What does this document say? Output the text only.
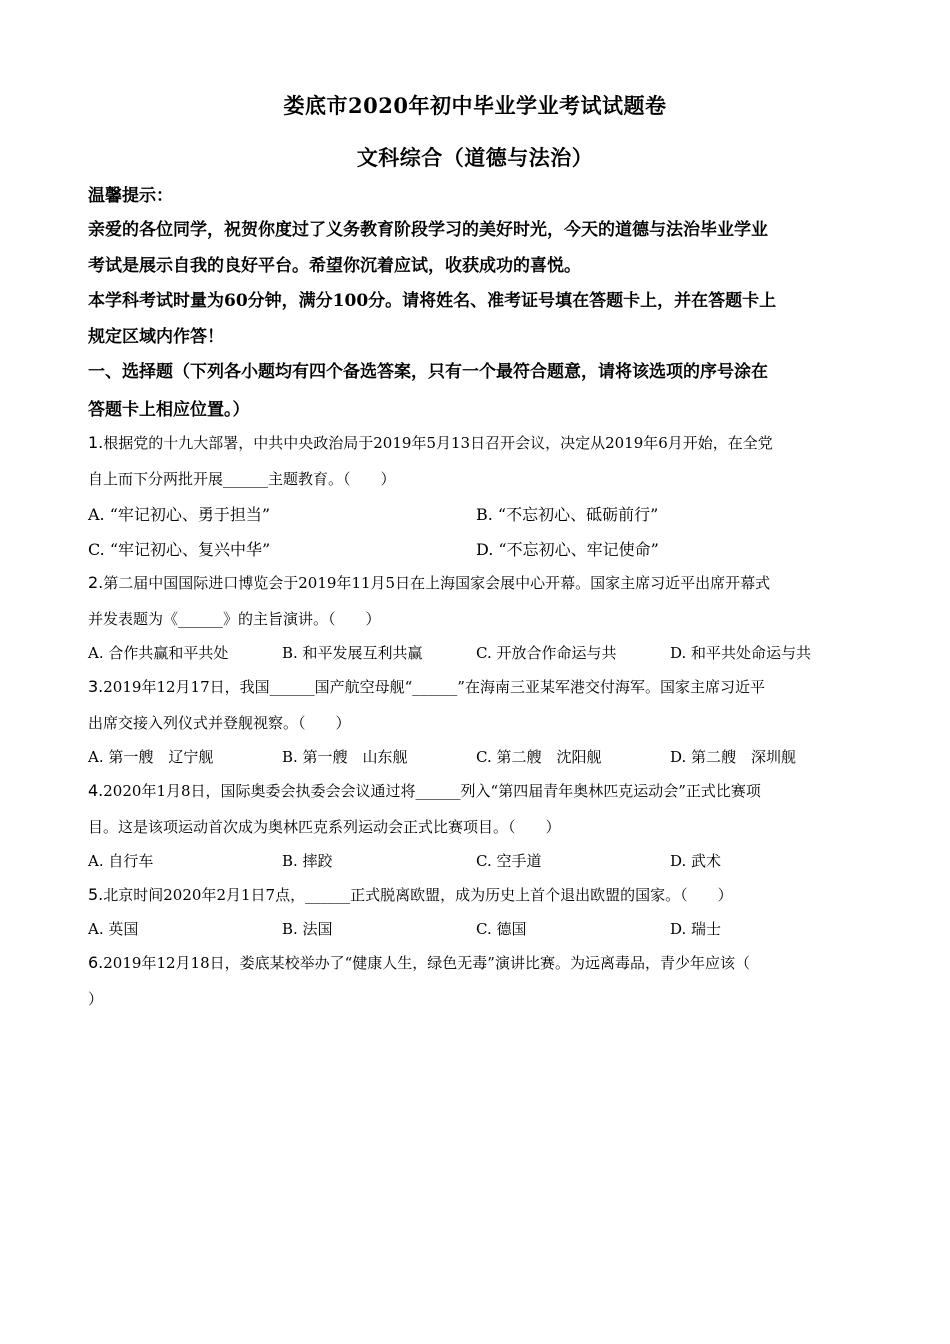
娄底市2020年初中毕业学业考试试题卷
文科综合（道德与法治）
温馨提示：
亲爱的各位同学，祝贺你度过了义务教育阶段学习的美好时光，今天的道德与法治毕业学业
考试是展示自我的良好平台。希望你沉着应试，收获成功的喜悦。
本学科考试时量为60分钟，满分100分。请将姓名、准考证号填在答题卡上，并在答题卡上
规定区域内作答！
一、选择题（下列各小题均有四个备选答案，只有一个最符合题意，请将该选项的序号涂在
答题卡上相应位置。）
1.根据党的十九大部署，中共中央政治局于2019年5月13日召开会议，决定从2019年6月开始，在全党
自上而下分两批开展______主题教育。（　　）
A. “牢记初心、勇于担当”	B. “不忘初心、砥砺前行”
C. “牢记初心、复兴中华”	D. “不忘初心、牢记使命”
2.第二届中国国际进口博览会于2019年11月5日在上海国家会展中心开幕。国家主席习近平出席开幕式
并发表题为《______》的主旨演讲。（　　）
A. 合作共赢和平共处	B. 和平发展互利共赢	C. 开放合作命运与共	D. 和平共处命运与共
3.2019年12月17日，我国______国产航空母舰“______”在海南三亚某军港交付海军。国家主席习近平
出席交接入列仪式并登舰视察。（　　）
A. 第一艘　辽宁舰	B. 第一艘　山东舰	C. 第二艘　沈阳舰	D. 第二艘　深圳舰
4.2020年1月8日，国际奥委会执委会会议通过将______列入“第四届青年奥林匹克运动会”正式比赛项
目。这是该项运动首次成为奥林匹克系列运动会正式比赛项目。（　　）
A. 自行车	B. 摔跤	C. 空手道	D. 武术
5.北京时间2020年2月1日7点，______正式脱离欧盟，成为历史上首个退出欧盟的国家。（　　）
A. 英国	B. 法国	C. 德国	D. 瑞士
6.2019年12月18日，娄底某校举办了“健康人生，绿色无毒”演讲比赛。为远离毒品，青少年应该（
）
